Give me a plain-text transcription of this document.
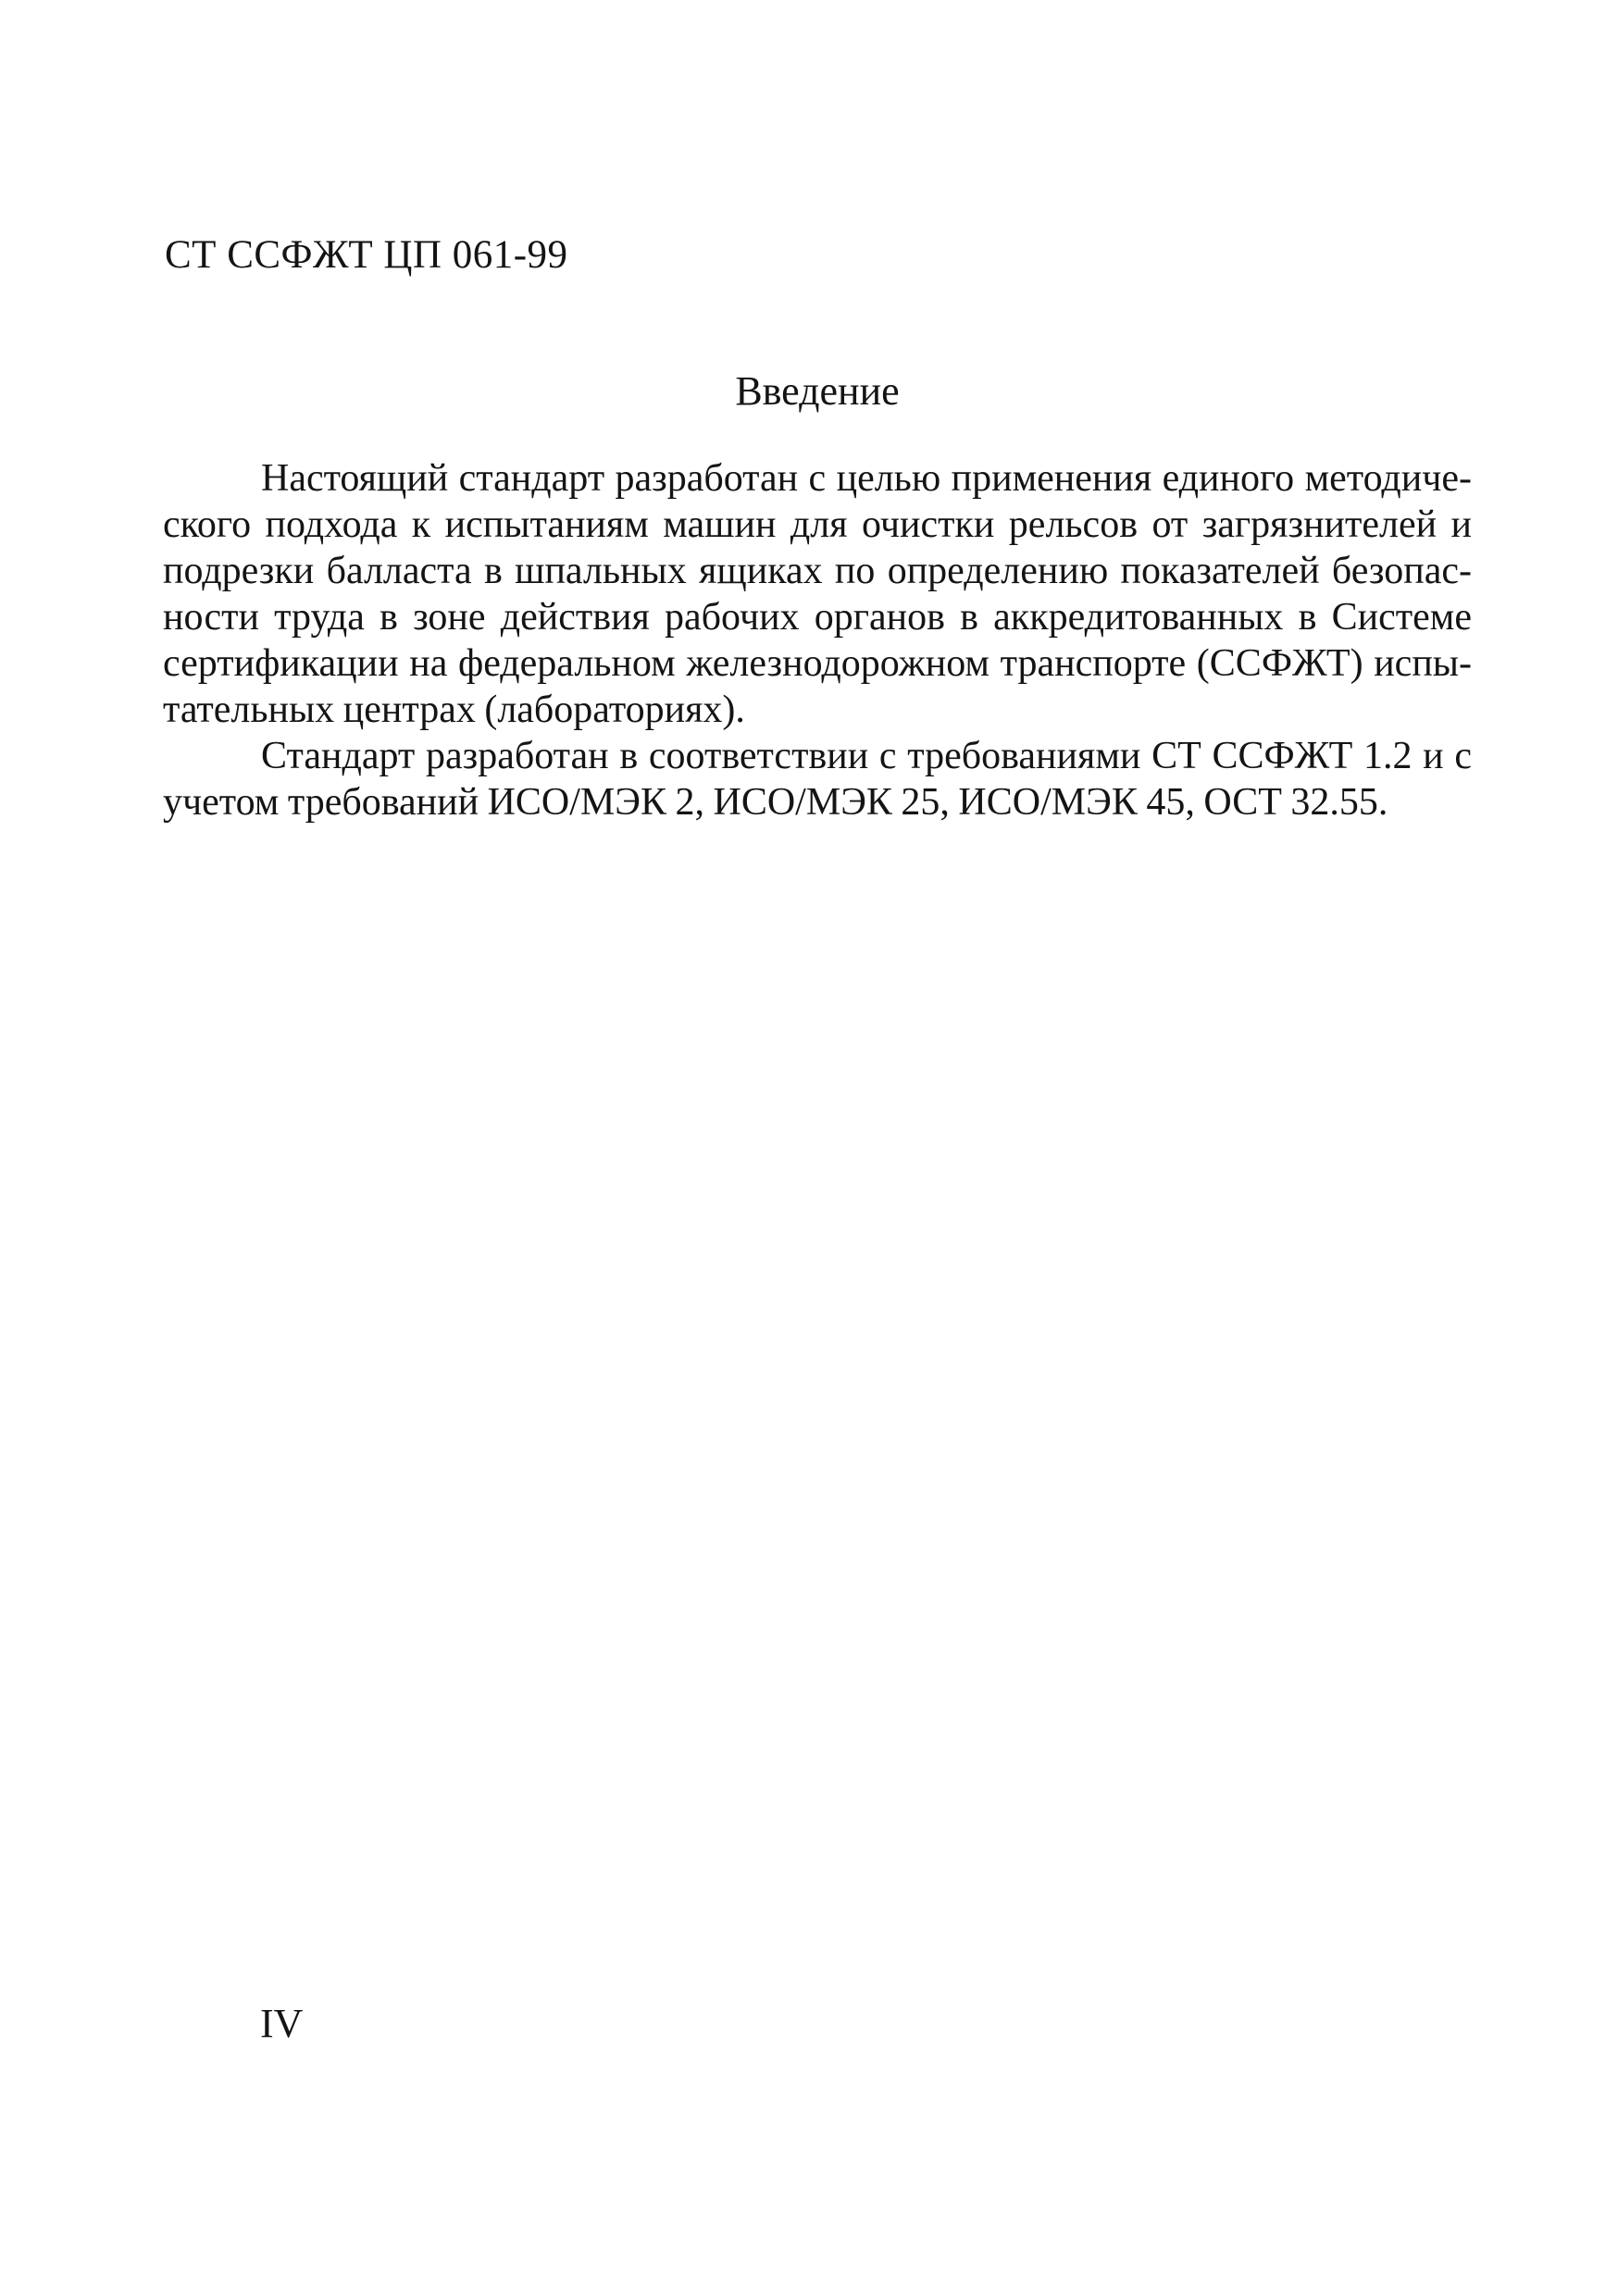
СТ ССФЖТ ЦП 061-99
Введение

Настоящий стандарт разработан с целью применения единого методиче-

ского подхода к испытаниям машин для очистки рельсов от загрязнителей и

подрезки балласта в шпальных ящиках по определению показателей безопас-

ности труда в зоне действия рабочих органов в аккредитованных в Системе

сертификации на федеральном железнодорожном транспорте (ССФЖТ) испы-

тательных центрах (лабораториях).

Стандарт разработан в соответствии с требованиями СТ ССФЖТ 1.2 и с

учетом требований ИСО/МЭК 2, ИСО/МЭК 25, ИСО/МЭК 45, ОСТ 32.55.

IV
